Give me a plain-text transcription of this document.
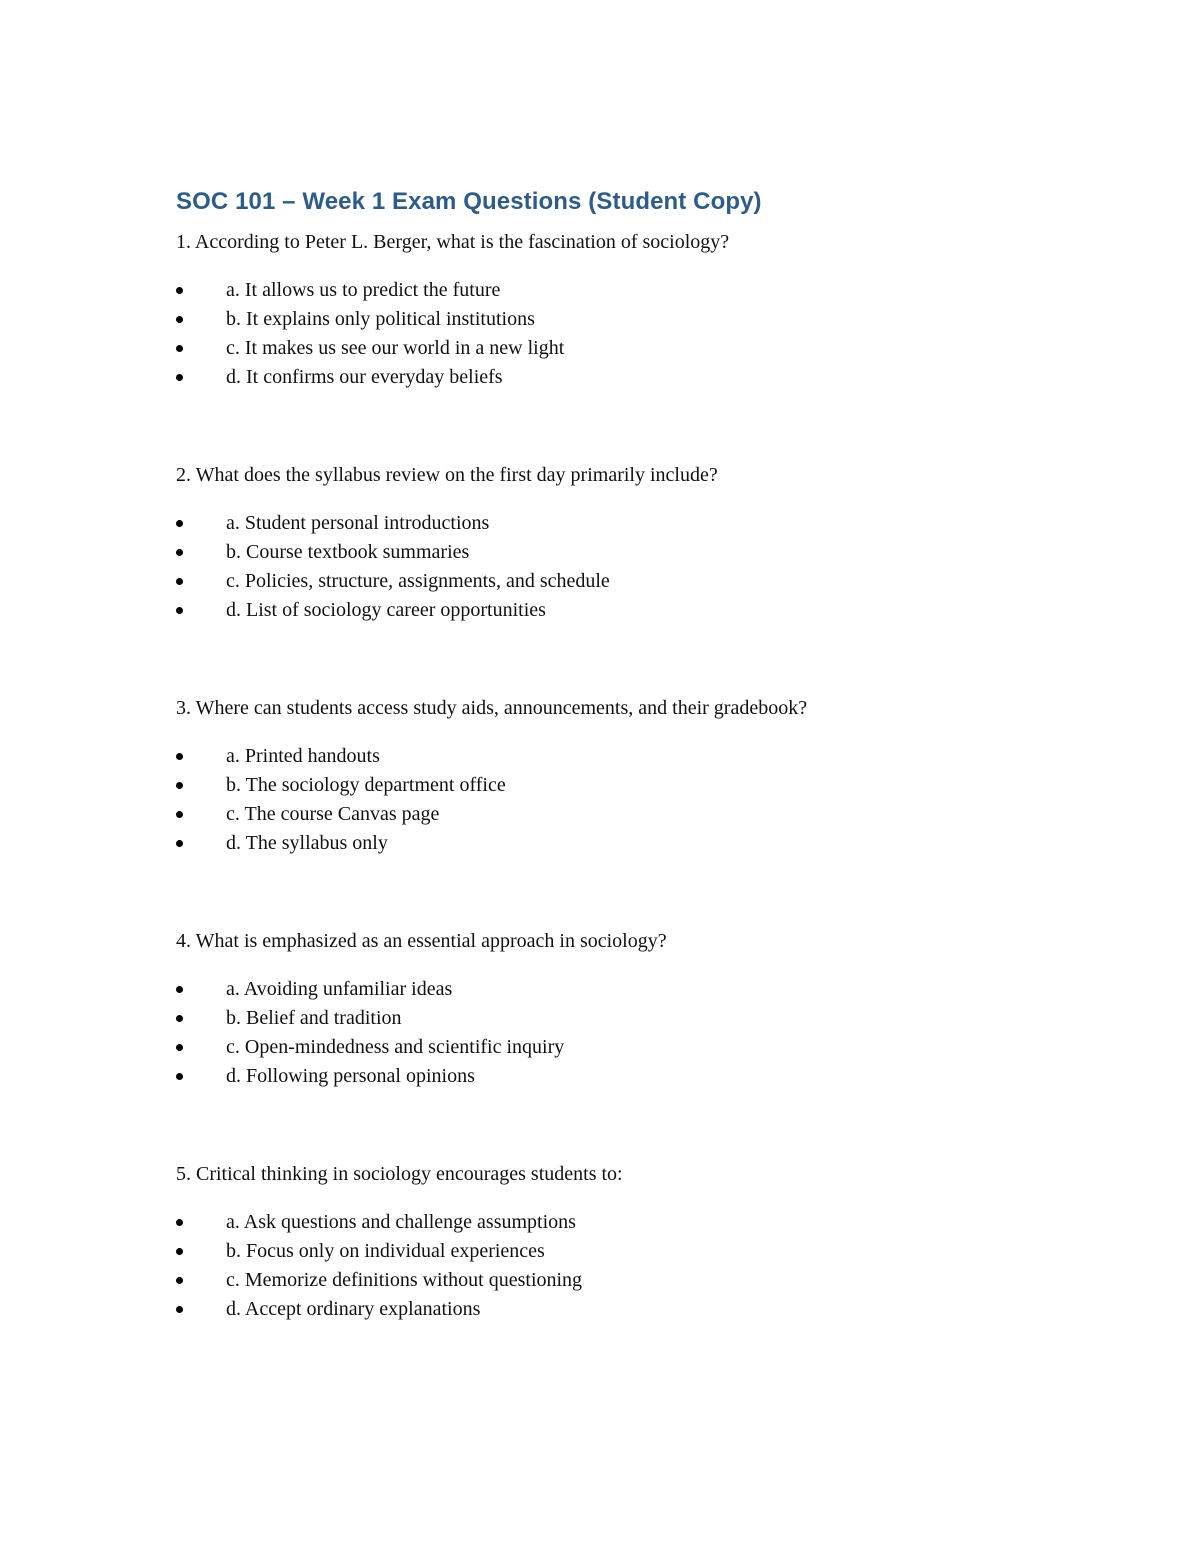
SOC 101 – Week 1 Exam Questions (Student Copy)

1. According to Peter L. Berger, what is the fascination of sociology?

a. It allows us to predict the future
b. It explains only political institutions
c. It makes us see our world in a new light
d. It confirms our everyday beliefs

2. What does the syllabus review on the first day primarily include?

a. Student personal introductions
b. Course textbook summaries
c. Policies, structure, assignments, and schedule
d. List of sociology career opportunities

3. Where can students access study aids, announcements, and their gradebook?

a. Printed handouts
b. The sociology department office
c. The course Canvas page
d. The syllabus only

4. What is emphasized as an essential approach in sociology?

a. Avoiding unfamiliar ideas
b. Belief and tradition
c. Open-mindedness and scientific inquiry
d. Following personal opinions

5. Critical thinking in sociology encourages students to:

a. Ask questions and challenge assumptions
b. Focus only on individual experiences
c. Memorize definitions without questioning
d. Accept ordinary explanations
